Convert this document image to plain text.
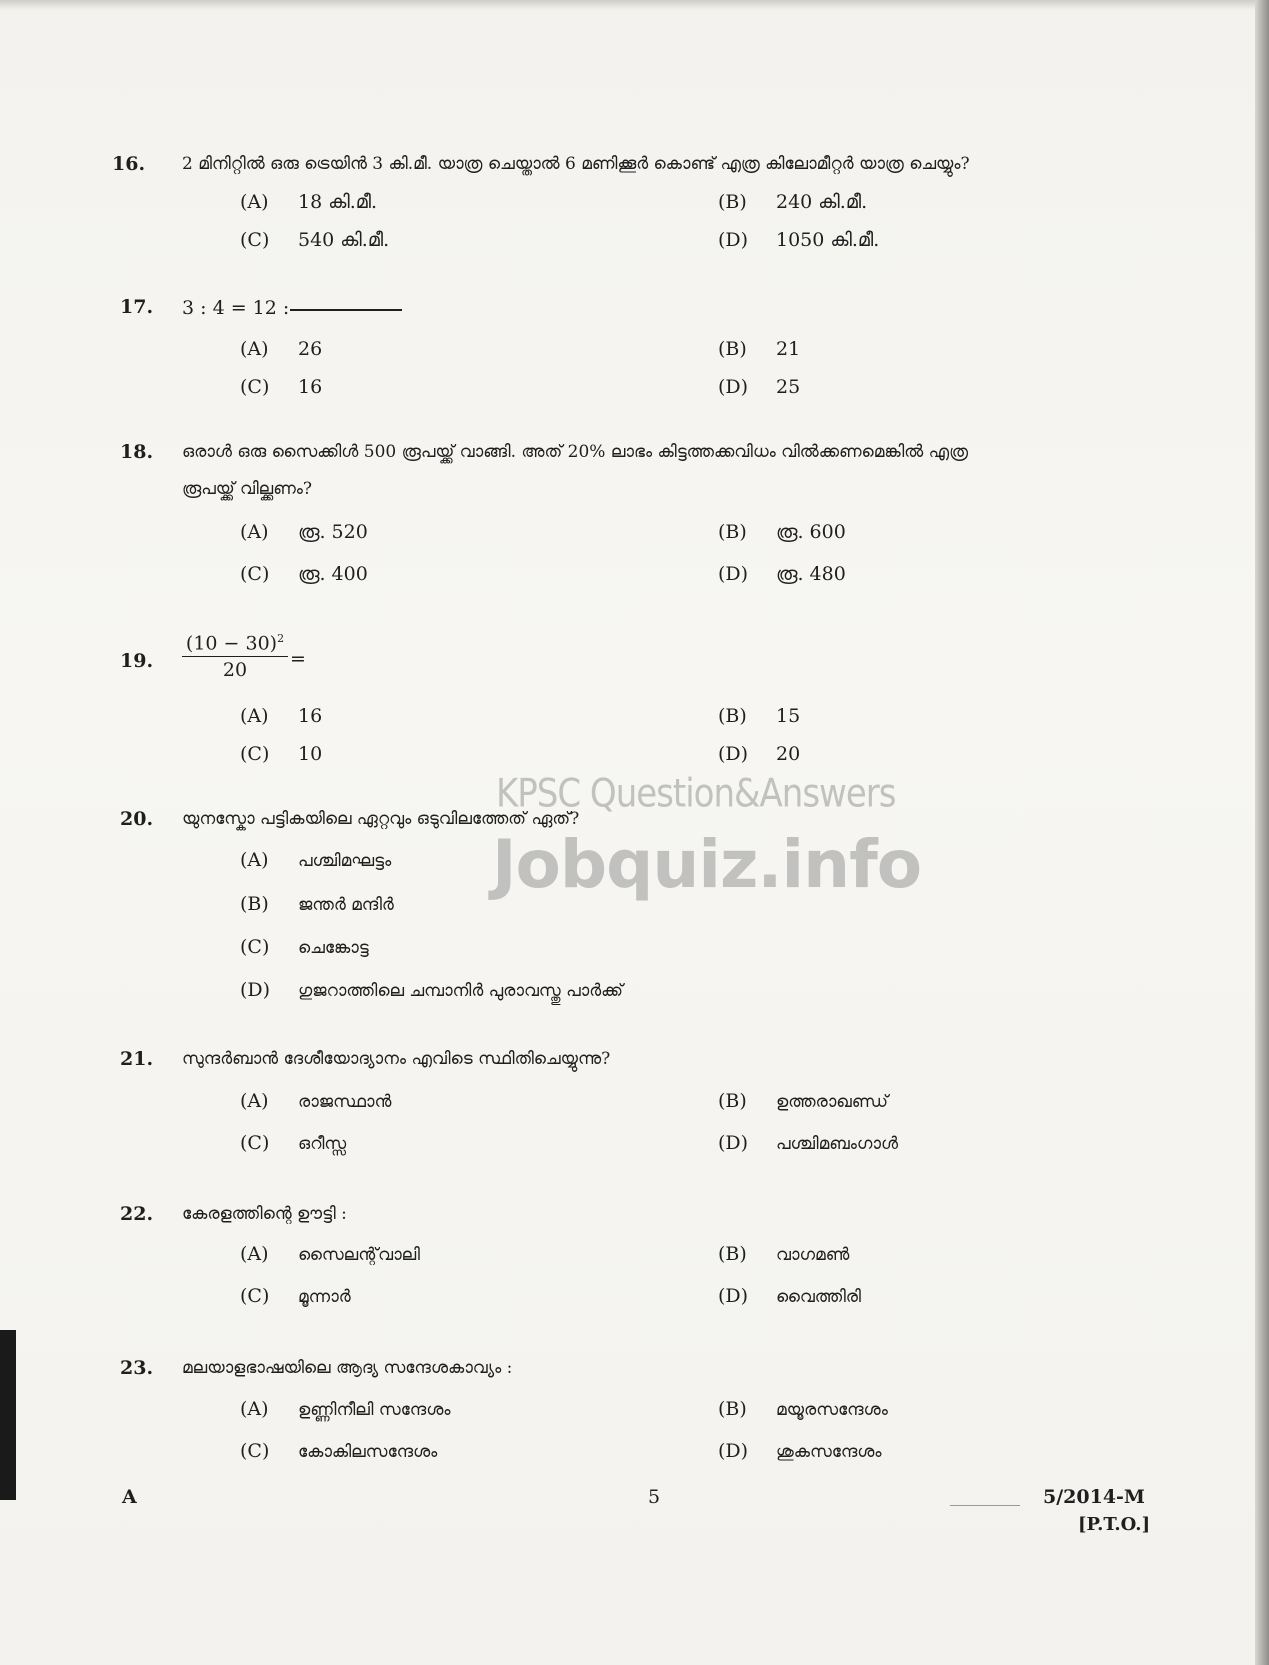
16. 2 മിനിറ്റിൽ ഒരു ട്രെയിൻ 3 കി.മീ. യാത്ര ചെയ്താൽ 6 മണിക്കൂർ കൊണ്ട് എത്ര കിലോമീറ്റർ യാത്ര ചെയ്യും?
(A) 18 കി.മീ.	(B) 240 കി.മീ.
(C) 540 കി.മീ.	(D) 1050 കി.മീ.
17. 3 : 4 = 12 :
(A) 26	(B) 21
(C) 16	(D) 25
18. ഒരാൾ ഒരു സൈക്കിൾ 500 രൂപയ്ക്ക് വാങ്ങി. അത് 20% ലാഭം കിട്ടത്തക്കവിധം വിൽക്കണമെങ്കിൽ എത്ര
രൂപയ്ക്ക് വില്ക്കണം?
(A) രൂ. 520	(B) രൂ. 600
(C) രൂ. 400	(D) രൂ. 480
19. $\frac{(10 - 30)^2}{20}$ =
(A) 16	(B) 15
(C) 10	(D) 20
KPSC Question&Answers
Jobquiz.info
20. യുനസ്കോ പട്ടികയിലെ ഏറ്റവും ഒടുവിലത്തേത് ഏത്?
(A) പശ്ചിമഘട്ടം
(B) ജന്തർ മന്ദിർ
(C) ചെങ്കോട്ട
(D) ഗുജറാത്തിലെ ചമ്പാനിർ പുരാവസ്തു പാർക്ക്
21. സുന്ദർബാൻ ദേശീയോദ്യാനം എവിടെ സ്ഥിതിചെയ്യുന്നു?
(A) രാജസ്ഥാൻ	(B) ഉത്തരാഖണ്ഡ്
(C) ഒറീസ്സ	(D) പശ്ചിമബംഗാൾ
22. കേരളത്തിന്റെ ഊട്ടി :
(A) സൈലന്റ്‌വാലി	(B) വാഗമൺ
(C) മൂന്നാർ	(D) വൈത്തിരി
23. മലയാളഭാഷയിലെ ആദ്യ സന്ദേശകാവ്യം :
(A) ഉണ്ണിനീലി സന്ദേശം	(B) മയൂരസന്ദേശം
(C) കോകിലസന്ദേശം	(D) ശുകസന്ദേശം
A	5	5/2014-M
[P.T.O.]
